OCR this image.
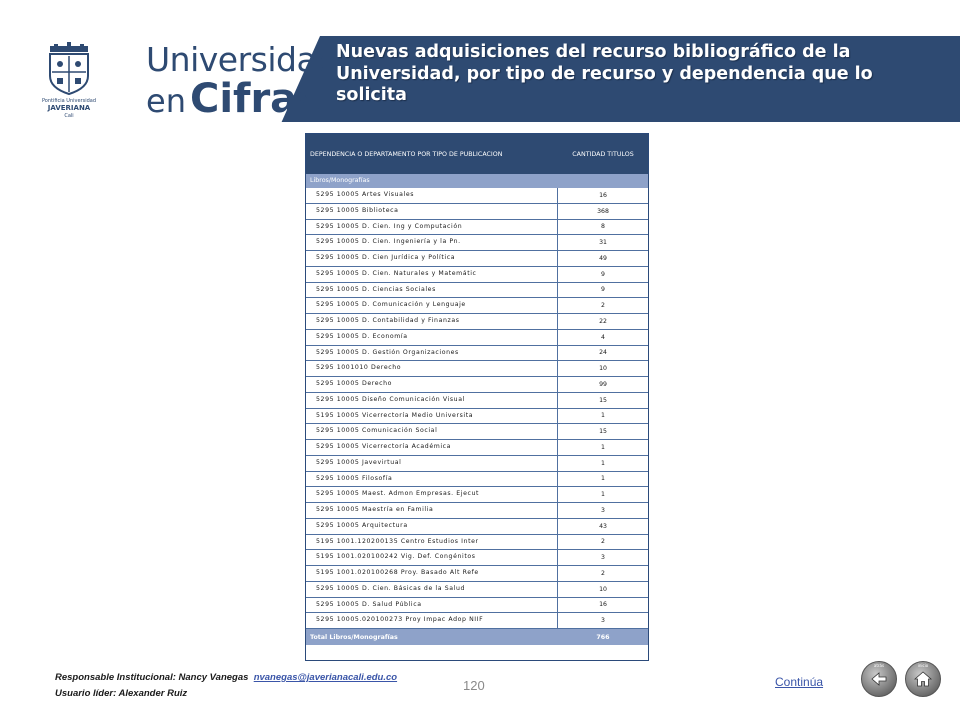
Pontificia Universidad
JAVERIANA
Cali
Universidad
en Cifras
Nuevas adquisiciones del recurso bibliográfico de la Universidad, por tipo de recurso y dependencia que lo solicita
DEPENDENCIA O DEPARTAMENTO POR TIPO DE PUBLICACION	CANTIDAD TITULOS
Libros/Monografías
5295 10005 Artes Visuales	16
5295 10005 Biblioteca	368
5295 10005 D. Cien. Ing y Computación	8
5295 10005 D. Cien. Ingeniería y la Pn.	31
5295 10005 D. Cien Jurídica y Política	49
5295 10005 D. Cien. Naturales y Matemátic	9
5295 10005 D. Ciencias Sociales	9
5295 10005 D. Comunicación y Lenguaje	2
5295 10005 D. Contabilidad y Finanzas	22
5295 10005 D. Economía	4
5295 10005 D. Gestión Organizaciones	24
5295 1001010 Derecho	10
5295 10005 Derecho	99
5295 10005 Diseño Comunicación Visual	15
5195 10005 Vicerrectoría Medio Universita	1
5295 10005 Comunicación Social	15
5295 10005 Vicerrectoría Académica	1
5295 10005 Javevirtual	1
5295 10005 Filosofía	1
5295 10005 Maest. Admon Empresas. Ejecut	1
5295 10005 Maestría en Familia	3
5295 10005 Arquitectura	43
5195 1001.120200135 Centro Estudios Inter	2
5195 1001.020100242 Vig. Def. Congénitos	3
5195 1001.020100268 Proy. Basado Alt Refe	2
5295 10005 D. Cien. Básicas de la Salud	10
5295 10005 D. Salud Pública	16
5295 10005.020100273 Proy Impac Adop NIIF	3
Total Libros/Monografías	766
Responsable Institucional: Nancy Vanegas nvanegas@javerianacali.edu.co
Usuario líder: Alexander Ruiz
120	Continúa
atrás	inicio
